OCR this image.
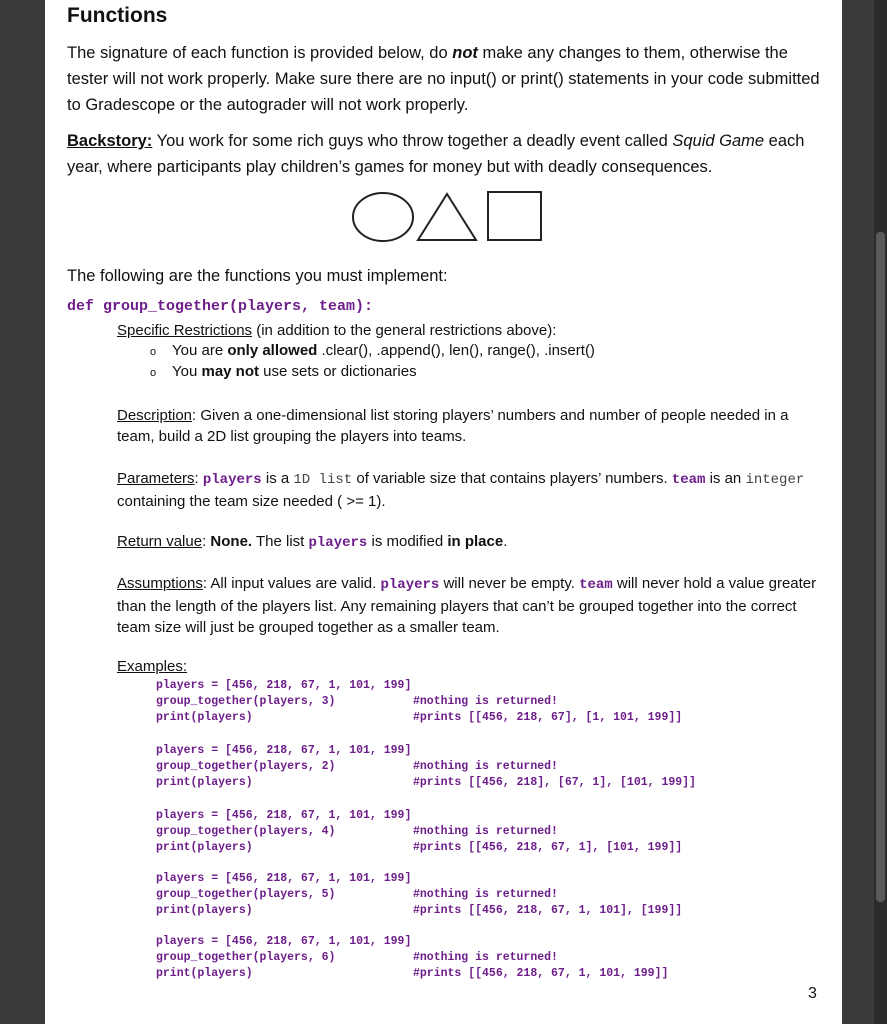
Functions
The signature of each function is provided below, do not make any changes to them, otherwise the tester will not work properly. Make sure there are no input() or print() statements in your code submitted to Gradescope or the autograder will not work properly.
Backstory: You work for some rich guys who throw together a deadly event called Squid Game each year, where participants play children’s games for money but with deadly consequences.
The following are the functions you must implement:
def group_together(players, team):
Specific Restrictions (in addition to the general restrictions above):
o You are only allowed .clear(), .append(), len(), range(), .insert()
o You may not use sets or dictionaries
Description: Given a one-dimensional list storing players’ numbers and number of people needed in a team, build a 2D list grouping the players into teams.
Parameters: players is a 1D list of variable size that contains players’ numbers. team is an integer containing the team size needed ( >= 1).
Return value: None. The list players is modified in place.
Assumptions: All input values are valid. players will never be empty. team will never hold a value greater than the length of the players list. Any remaining players that can’t be grouped together into the correct team size will just be grouped together as a smaller team.
Examples:
players = [456, 218, 67, 1, 101, 199]
group_together(players, 3)
print(players)
#nothing is returned!
#prints [[456, 218, 67], [1, 101, 199]]
players = [456, 218, 67, 1, 101, 199]
group_together(players, 2)
print(players)
#nothing is returned!
#prints [[456, 218], [67, 1], [101, 199]]
players = [456, 218, 67, 1, 101, 199]
group_together(players, 4)
print(players)
#nothing is returned!
#prints [[456, 218, 67, 1], [101, 199]]
players = [456, 218, 67, 1, 101, 199]
group_together(players, 5)
print(players)
#nothing is returned!
#prints [[456, 218, 67, 1, 101], [199]]
players = [456, 218, 67, 1, 101, 199]
group_together(players, 6)
print(players)
#nothing is returned!
#prints [[456, 218, 67, 1, 101, 199]]
3
